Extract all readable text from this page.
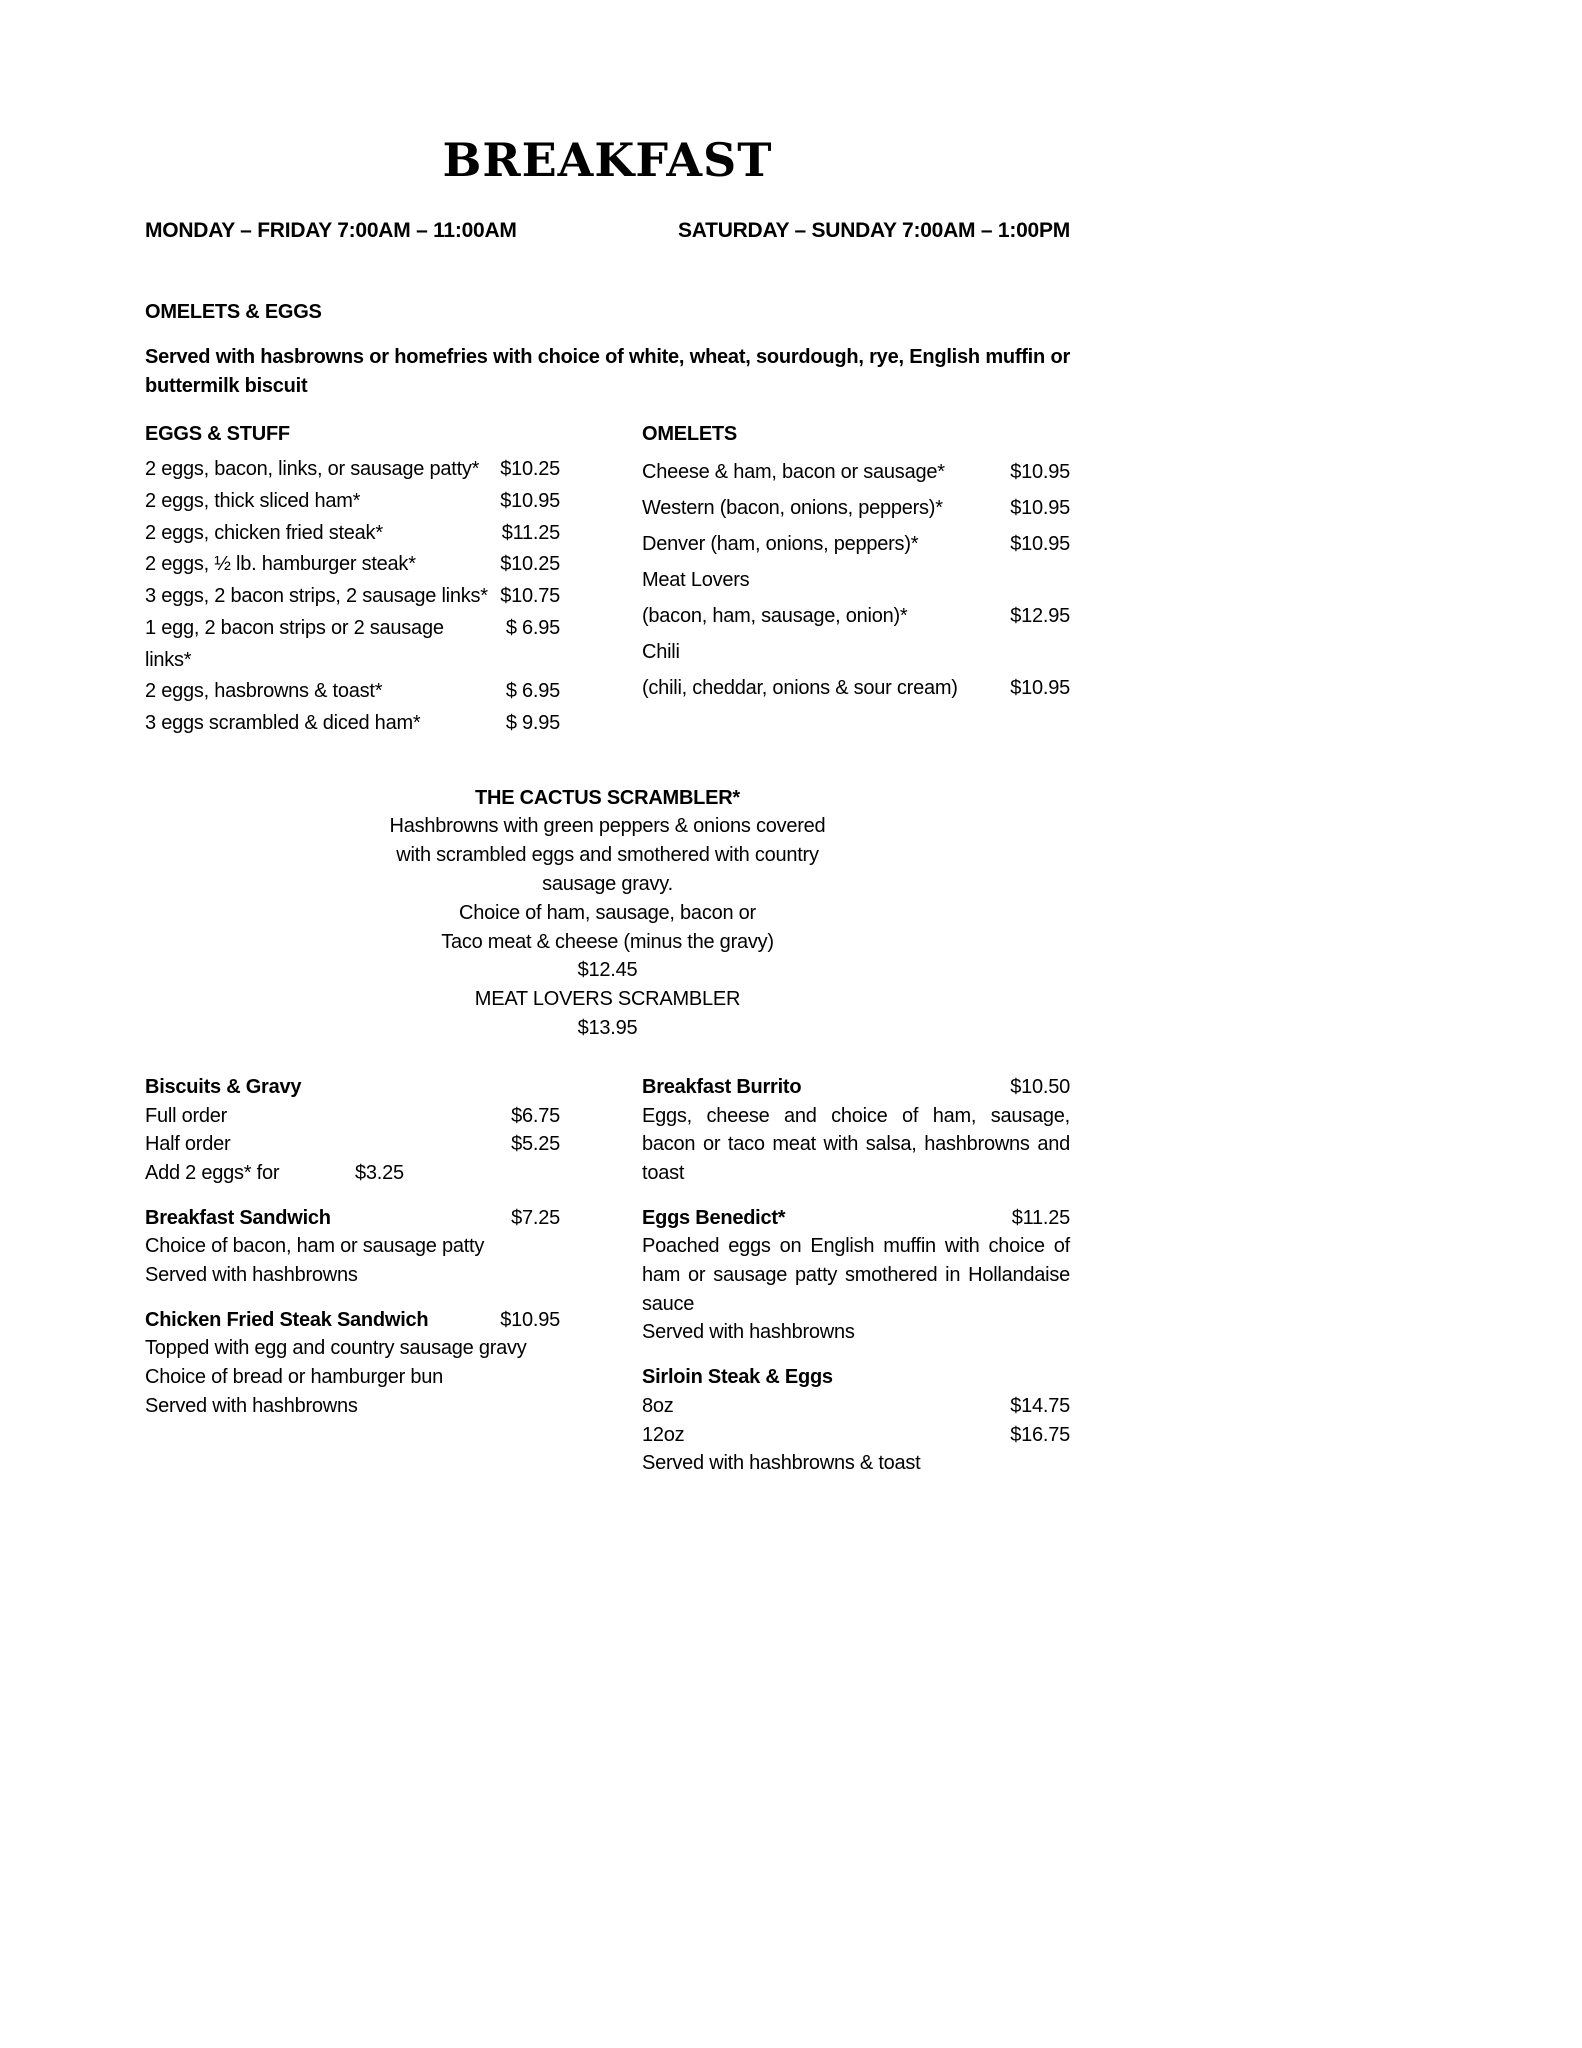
BREAKFAST
MONDAY – FRIDAY 7:00AM – 11:00AM	SATURDAY – SUNDAY 7:00AM – 1:00PM
OMELETS & EGGS
Served with hasbrowns or homefries with choice of white, wheat, sourdough, rye, English muffin or buttermilk biscuit
EGGS & STUFF
2 eggs, bacon, links, or sausage patty*	$10.25
2 eggs, thick sliced ham*	$10.95
2 eggs, chicken fried steak*	$11.25
2 eggs, ½ lb. hamburger steak*	$10.25
3 eggs, 2 bacon strips, 2 sausage links* $10.75
1 egg, 2 bacon strips or 2 sausage links*
$ 6.95
2 eggs, hasbrowns & toast*	$ 6.95
3 eggs scrambled & diced ham*	$ 9.95
OMELETS
Cheese & ham, bacon or sausage*	$10.95
Western (bacon, onions, peppers)*	$10.95
Denver (ham, onions, peppers)*	$10.95
Meat Lovers
(bacon, ham, sausage, onion)*	$12.95
Chili
(chili, cheddar, onions & sour cream)	$10.95
THE CACTUS SCRAMBLER*
Hashbrowns with green peppers & onions covered
with scrambled eggs and smothered with country
sausage gravy.
Choice of ham, sausage, bacon or
Taco meat & cheese (minus the gravy)
$12.45
MEAT LOVERS SCRAMBLER
$13.95
Biscuits & Gravy
Full order	$6.75
Half order	$5.25
Add 2 eggs* for	$3.25
Breakfast Sandwich	$7.25
Choice of bacon, ham or sausage patty
Served with hashbrowns
Chicken Fried Steak Sandwich	$10.95
Topped with egg and country sausage gravy
Choice of bread or hamburger bun
Served with hashbrowns
Breakfast Burrito	$10.50
Eggs, cheese and choice of ham, sausage, bacon or taco meat with salsa, hashbrowns and toast
Eggs Benedict*	$11.25
Poached eggs on English muffin with choice of ham or sausage patty smothered in Hollandaise sauce
Served with hashbrowns
Sirloin Steak & Eggs
8oz	$14.75
12oz	$16.75
Served with hashbrowns & toast
